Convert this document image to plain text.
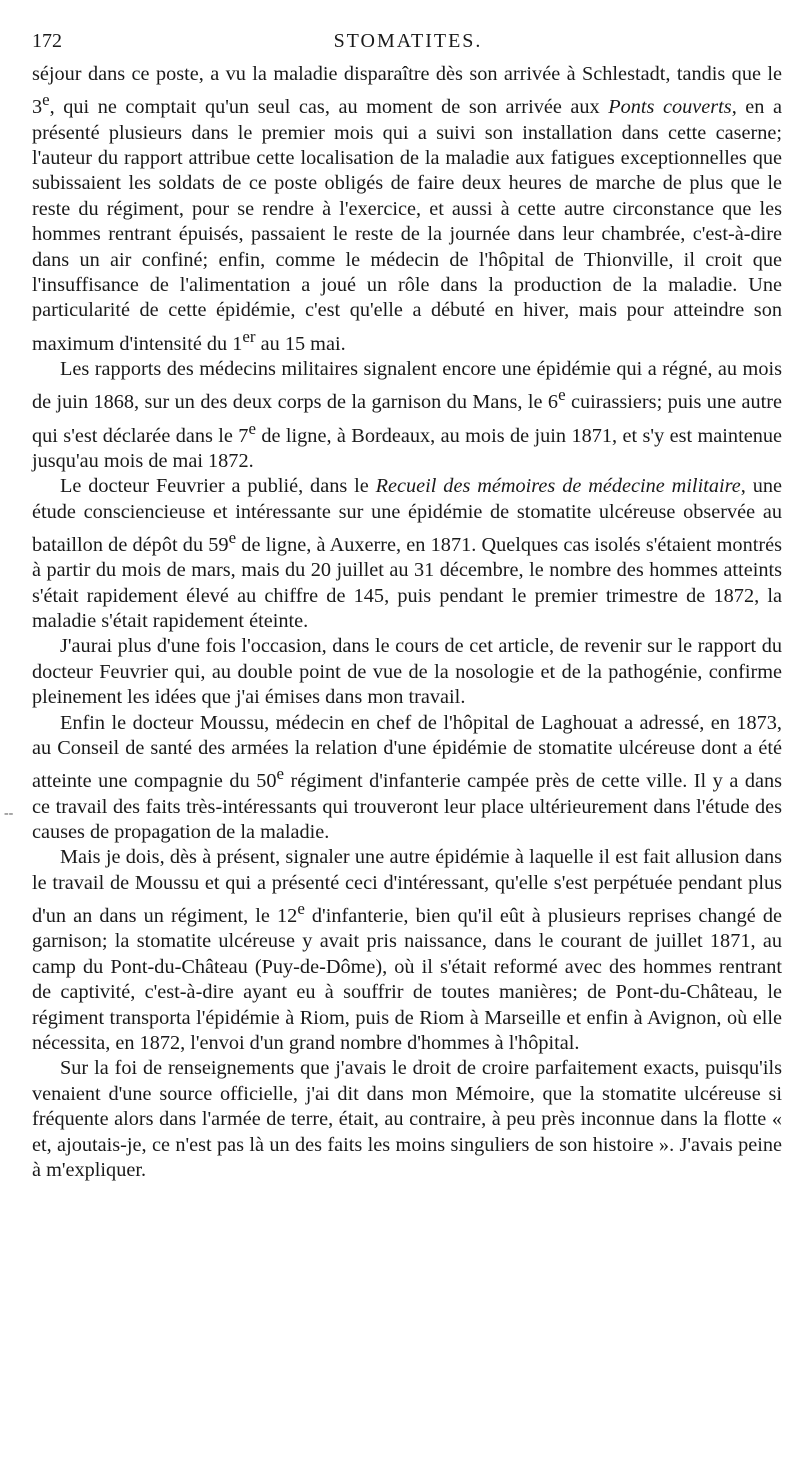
172	STOMATITES.
--

séjour dans ce poste, a vu la maladie disparaître dès son arrivée à Schlestadt, tandis que le 3e, qui ne comptait qu'un seul cas, au moment de son arrivée aux Ponts couverts, en a présenté plusieurs dans le premier mois qui a suivi son installation dans cette caserne; l'auteur du rapport attribue cette localisation de la maladie aux fatigues exceptionnelles que subissaient les soldats de ce poste obligés de faire deux heures de marche de plus que le reste du régiment, pour se rendre à l'exercice, et aussi à cette autre circonstance que les hommes rentrant épuisés, passaient le reste de la journée dans leur chambrée, c'est-à-dire dans un air confiné; enfin, comme le médecin de l'hôpital de Thionville, il croit que l'insuffisance de l'alimentation a joué un rôle dans la production de la maladie. Une particularité de cette épidémie, c'est qu'elle a débuté en hiver, mais pour atteindre son maximum d'intensité du 1er au 15 mai.

Les rapports des médecins militaires signalent encore une épidémie qui a régné, au mois de juin 1868, sur un des deux corps de la garnison du Mans, le 6e cuirassiers; puis une autre qui s'est déclarée dans le 7e de ligne, à Bordeaux, au mois de juin 1871, et s'y est maintenue jusqu'au mois de mai 1872.

Le docteur Feuvrier a publié, dans le Recueil des mémoires de médecine militaire, une étude consciencieuse et intéressante sur une épidémie de stomatite ulcéreuse observée au bataillon de dépôt du 59e de ligne, à Auxerre, en 1871. Quelques cas isolés s'étaient montrés à partir du mois de mars, mais du 20 juillet au 31 décembre, le nombre des hommes atteints s'était rapidement élevé au chiffre de 145, puis pendant le premier trimestre de 1872, la maladie s'était rapidement éteinte.

J'aurai plus d'une fois l'occasion, dans le cours de cet article, de revenir sur le rapport du docteur Feuvrier qui, au double point de vue de la nosologie et de la pathogénie, confirme pleinement les idées que j'ai émises dans mon travail.

Enfin le docteur Moussu, médecin en chef de l'hôpital de Laghouat a adressé, en 1873, au Conseil de santé des armées la relation d'une épidémie de stomatite ulcéreuse dont a été atteinte une compagnie du 50e régiment d'infanterie campée près de cette ville. Il y a dans ce travail des faits très-intéressants qui trouveront leur place ultérieurement dans l'étude des causes de propagation de la maladie.

Mais je dois, dès à présent, signaler une autre épidémie à laquelle il est fait allusion dans le travail de Moussu et qui a présenté ceci d'intéressant, qu'elle s'est perpétuée pendant plus d'un an dans un régiment, le 12e d'infanterie, bien qu'il eût à plusieurs reprises changé de garnison; la stomatite ulcéreuse y avait pris naissance, dans le courant de juillet 1871, au camp du Pont-du-Château (Puy-de-Dôme), où il s'était reformé avec des hommes rentrant de captivité, c'est-à-dire ayant eu à souffrir de toutes manières; de Pont-du-Château, le régiment transporta l'épidémie à Riom, puis de Riom à Marseille et enfin à Avignon, où elle nécessita, en 1872, l'envoi d'un grand nombre d'hommes à l'hôpital.

Sur la foi de renseignements que j'avais le droit de croire parfaitement exacts, puisqu'ils venaient d'une source officielle, j'ai dit dans mon Mémoire, que la stomatite ulcéreuse si fréquente alors dans l'armée de terre, était, au contraire, à peu près inconnue dans la flotte « et, ajoutais-je, ce n'est pas là un des faits les moins singuliers de son histoire ». J'avais peine à m'expliquer.
